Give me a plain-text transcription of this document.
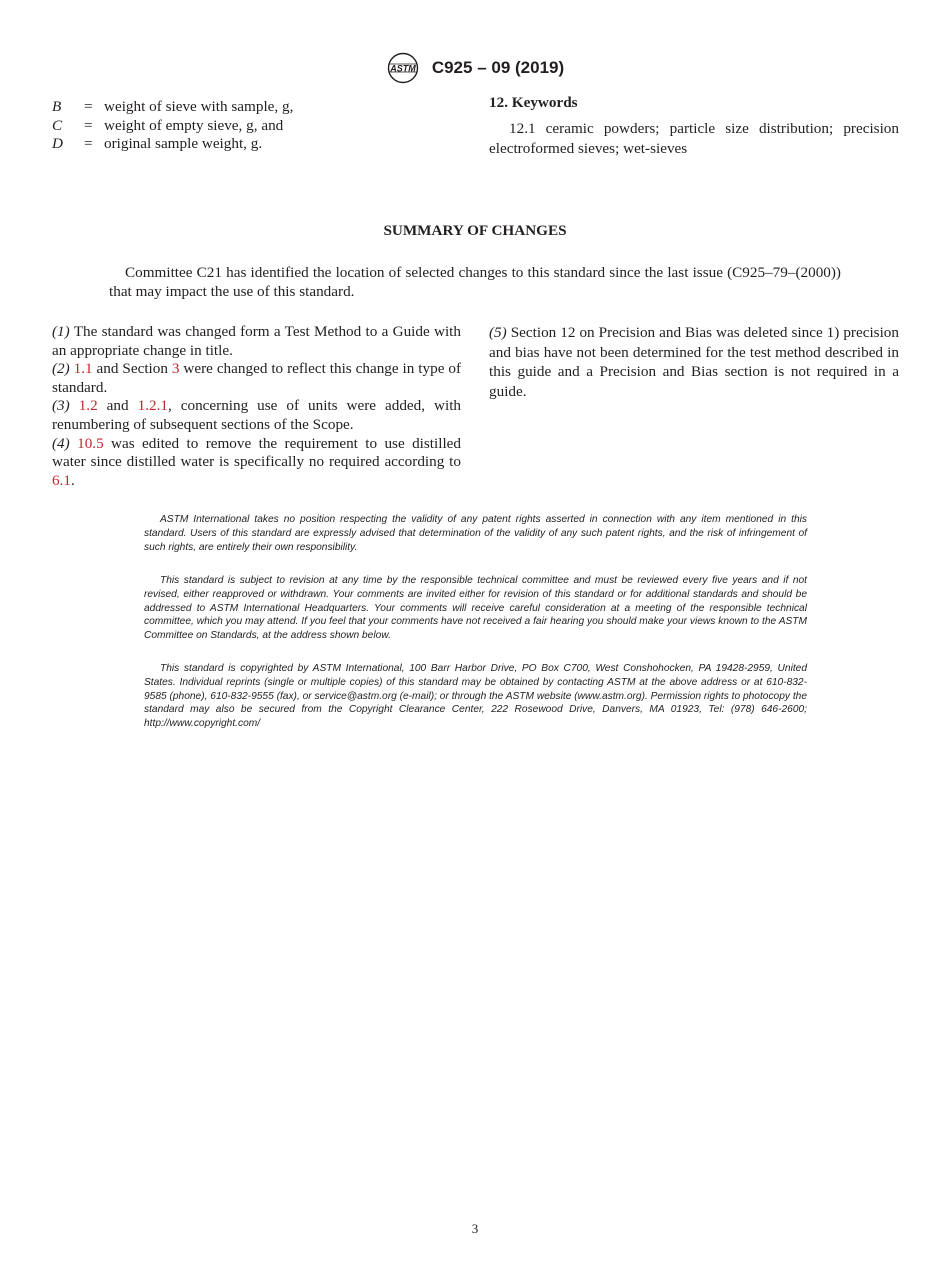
ASTM C925 – 09 (2019)
B = weight of sieve with sample, g,
C = weight of empty sieve, g, and
D = original sample weight, g.
12. Keywords
12.1 ceramic powders; particle size distribution; precision electroformed sieves; wet-sieves
SUMMARY OF CHANGES
Committee C21 has identified the location of selected changes to this standard since the last issue (C925–79–(2000)) that may impact the use of this standard.
(1) The standard was changed form a Test Method to a Guide with an appropriate change in title.
(2) 1.1 and Section 3 were changed to reflect this change in type of standard.
(3) 1.2 and 1.2.1, concerning use of units were added, with renumbering of subsequent sections of the Scope.
(4) 10.5 was edited to remove the requirement to use distilled water since distilled water is specifically no required according to 6.1.
(5) Section 12 on Precision and Bias was deleted since 1) precision and bias have not been determined for the test method described in this guide and a Precision and Bias section is not required in a guide.
ASTM International takes no position respecting the validity of any patent rights asserted in connection with any item mentioned in this standard. Users of this standard are expressly advised that determination of the validity of any such patent rights, and the risk of infringement of such rights, are entirely their own responsibility.
This standard is subject to revision at any time by the responsible technical committee and must be reviewed every five years and if not revised, either reapproved or withdrawn. Your comments are invited either for revision of this standard or for additional standards and should be addressed to ASTM International Headquarters. Your comments will receive careful consideration at a meeting of the responsible technical committee, which you may attend. If you feel that your comments have not received a fair hearing you should make your views known to the ASTM Committee on Standards, at the address shown below.
This standard is copyrighted by ASTM International, 100 Barr Harbor Drive, PO Box C700, West Conshohocken, PA 19428-2959, United States. Individual reprints (single or multiple copies) of this standard may be obtained by contacting ASTM at the above address or at 610-832-9585 (phone), 610-832-9555 (fax), or service@astm.org (e-mail); or through the ASTM website (www.astm.org). Permission rights to photocopy the standard may also be secured from the Copyright Clearance Center, 222 Rosewood Drive, Danvers, MA 01923, Tel: (978) 646-2600; http://www.copyright.com/
3
